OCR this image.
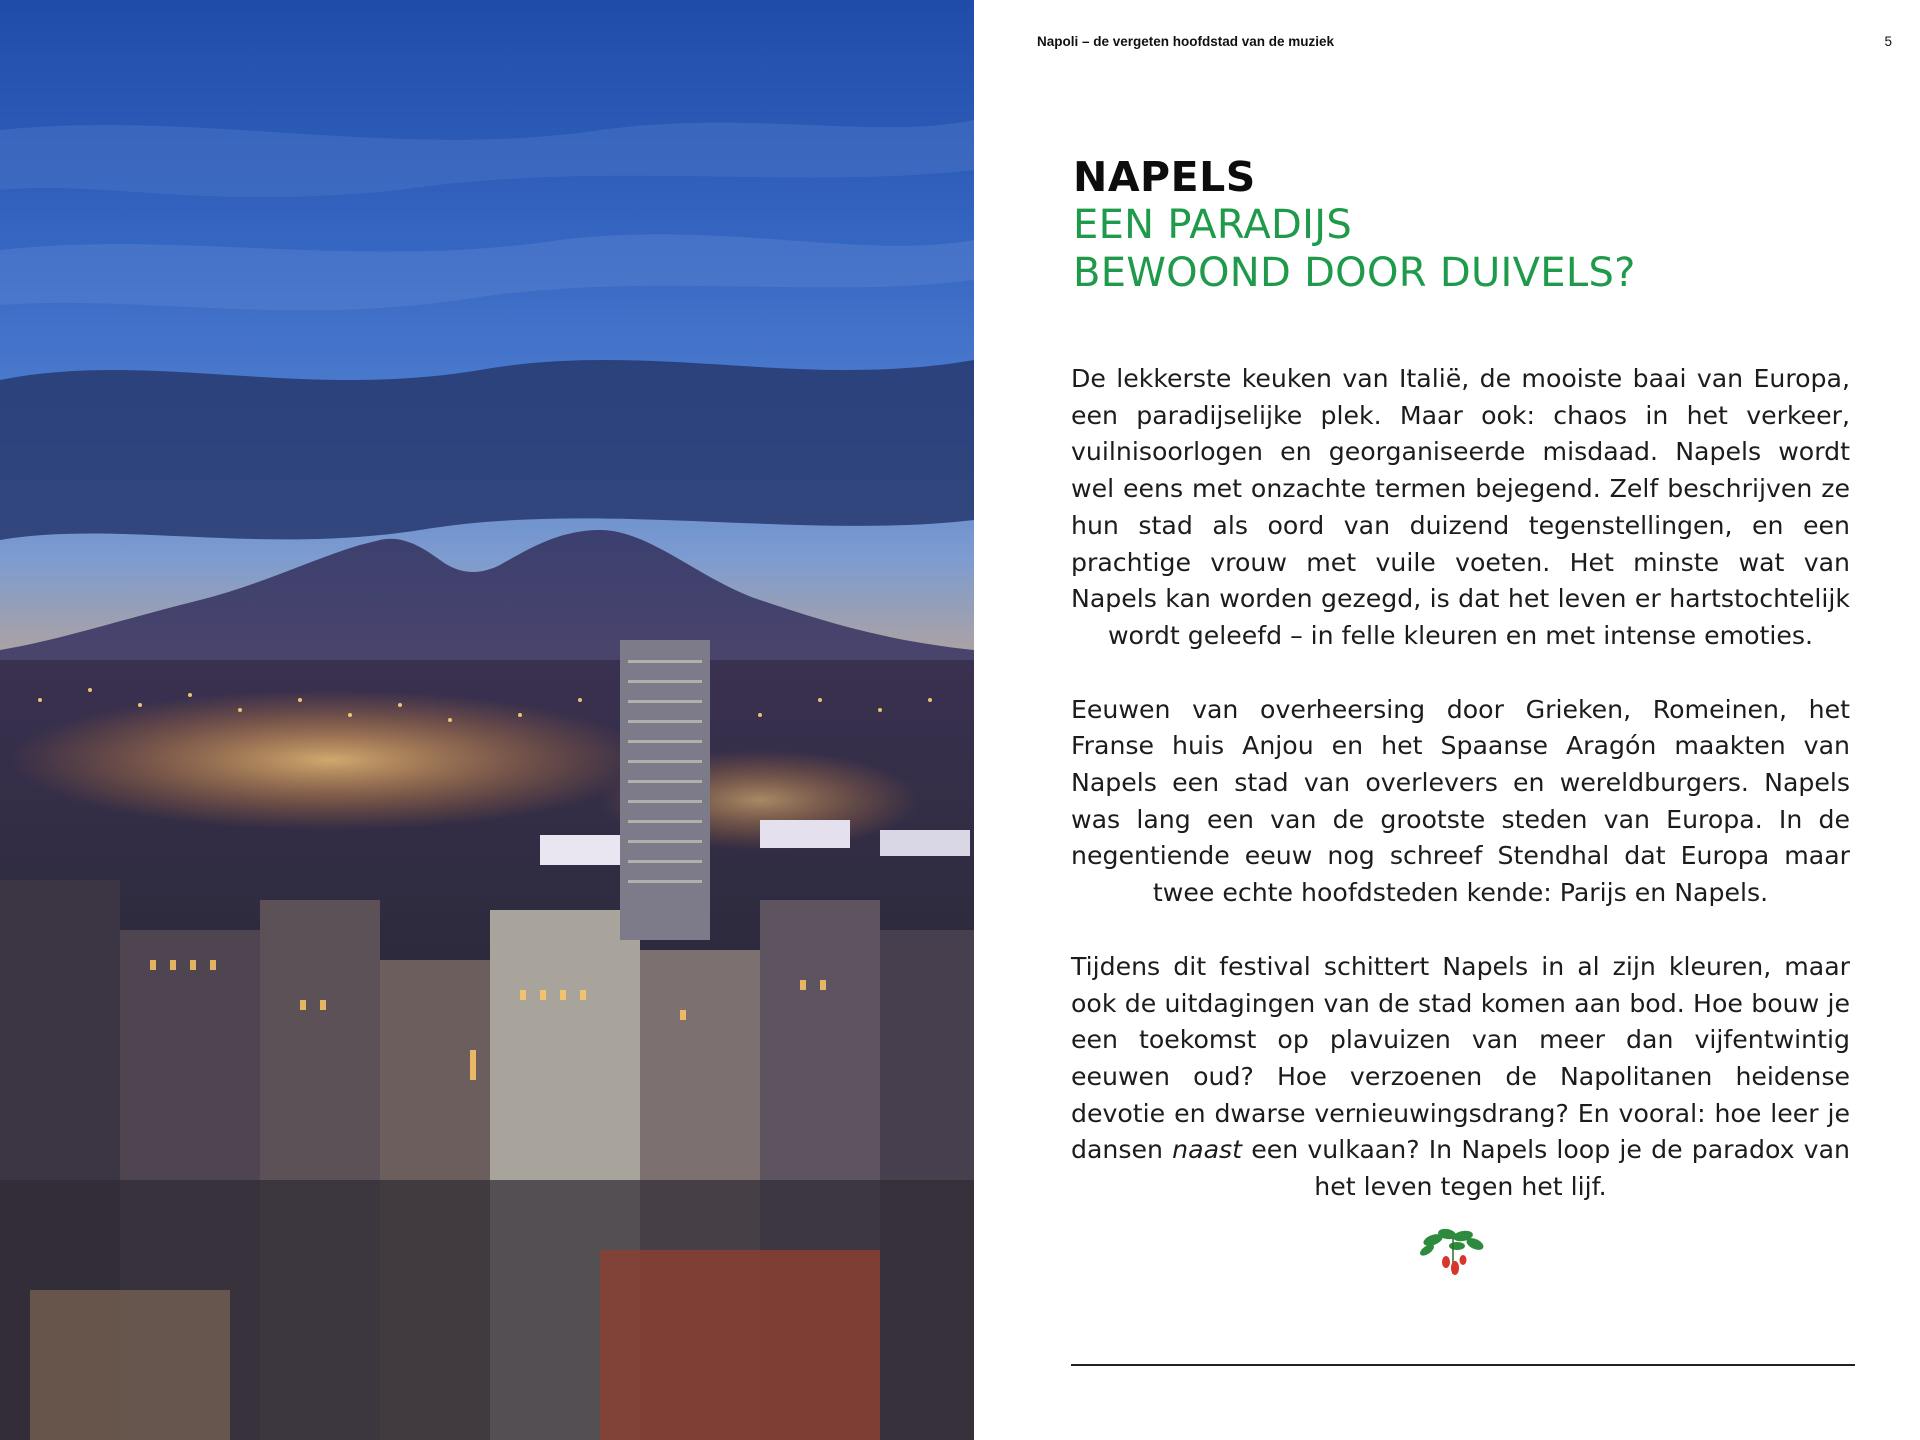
Napoli – de vergeten hoofdstad van de muziek	5
NAPELS
EEN PARADIJS
BEWOOND DOOR DUIVELS?

De lekkerste keuken van Italië, de mooiste baai van Europa, een paradijselijke plek. Maar ook: chaos in het verkeer, vuilnisoorlogen en georganiseerde misdaad. Napels wordt wel eens met onzachte termen bejegend. Zelf beschrijven ze hun stad als oord van duizend tegenstellingen, en een prachtige vrouw met vuile voeten. Het minste wat van Napels kan worden gezegd, is dat het leven er hartstochtelijk wordt geleefd – in felle kleuren en met intense emoties.

Eeuwen van overheersing door Grieken, Romeinen, het Franse huis Anjou en het Spaanse Aragón maakten van Napels een stad van overlevers en wereldburgers. Napels was lang een van de grootste steden van Europa. In de negentiende eeuw nog schreef Stendhal dat Europa maar twee echte hoofdsteden kende: Parijs en Napels.

Tijdens dit festival schittert Napels in al zijn kleuren, maar ook de uitdagingen van de stad komen aan bod. Hoe bouw je een toekomst op plavuizen van meer dan vijfentwintig eeuwen oud? Hoe verzoenen de Napolitanen heidense devotie en dwarse vernieuwingsdrang? En vooral: hoe leer je dansen naast een vulkaan? In Napels loop je de paradox van het leven tegen het lijf.
